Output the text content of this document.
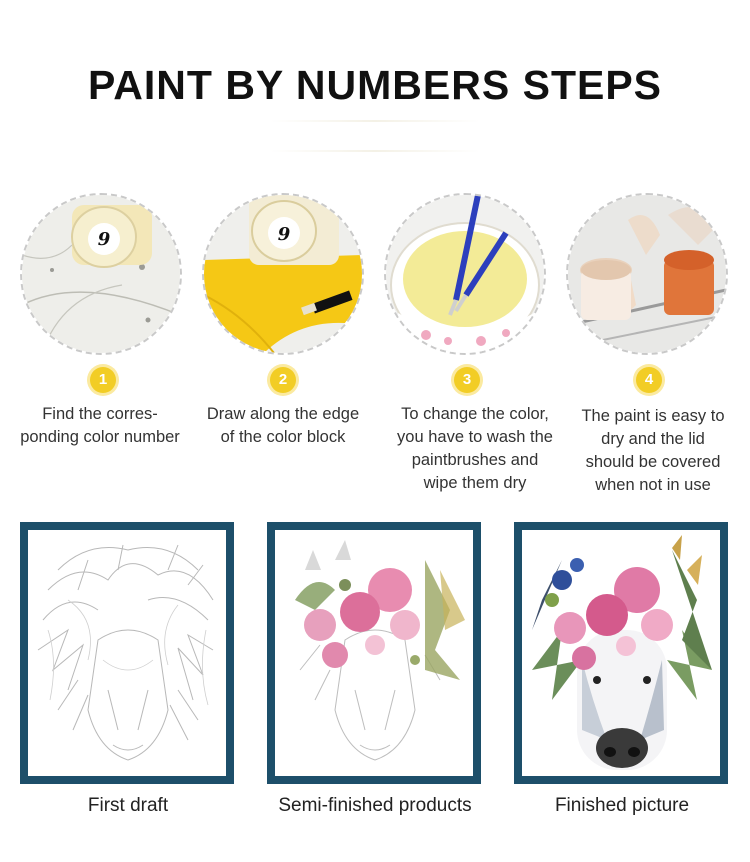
PAINT BY NUMBERS STEPS
9	9
1	2	3	4
Find the corres-
ponding color number
Draw along the edge
of the color block
To change the color,
you have to wash the
paintbrushes and
wipe them dry
The paint is easy to
dry and the lid
should be covered
when not in use
First draft	Semi-finished products	Finished picture
